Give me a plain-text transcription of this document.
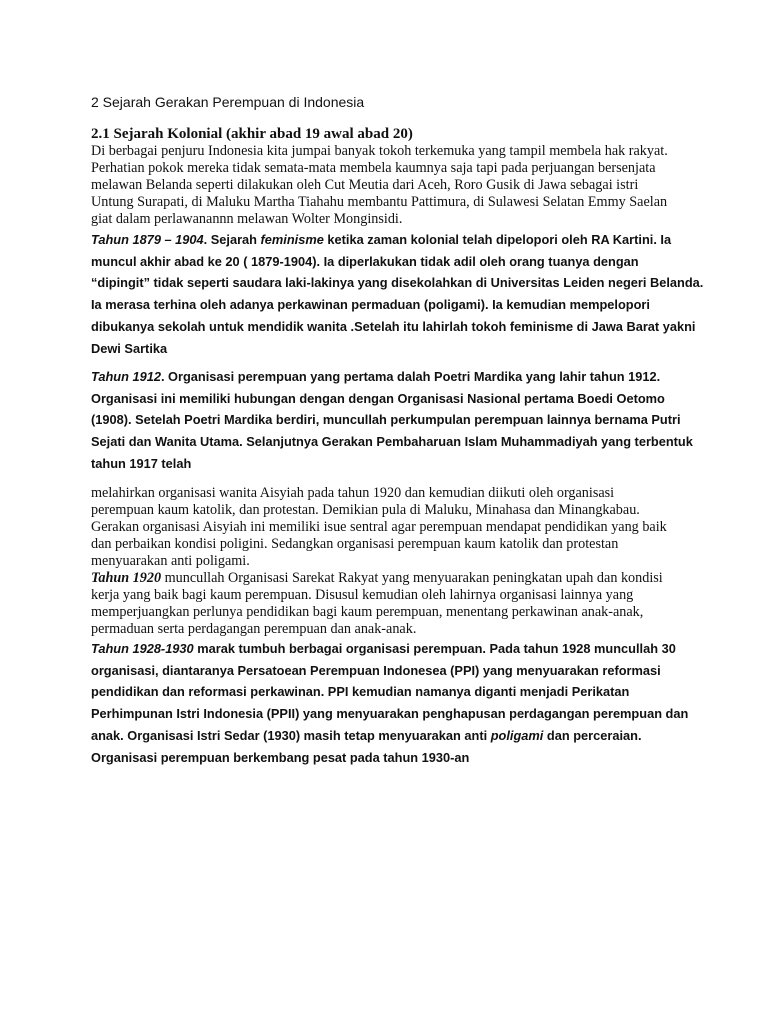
2 Sejarah Gerakan Perempuan di Indonesia
2.1 Sejarah Kolonial (akhir abad 19 awal abad 20)
Di berbagai penjuru Indonesia kita jumpai banyak tokoh terkemuka yang tampil membela hak rakyat.
Perhatian pokok mereka tidak semata-mata membela kaumnya saja tapi pada perjuangan bersenjata
melawan Belanda seperti dilakukan oleh Cut Meutia dari Aceh, Roro Gusik di Jawa sebagai istri
Untung Surapati, di Maluku Martha Tiahahu membantu Pattimura, di Sulawesi Selatan Emmy Saelan
giat dalam perlawanannn melawan Wolter Monginsidi.
Tahun 1879 – 1904. Sejarah feminisme ketika zaman kolonial telah dipelopori oleh RA Kartini. Ia
muncul akhir abad ke 20 ( 1879-1904). Ia diperlakukan tidak adil oleh orang tuanya dengan
“dipingit” tidak seperti saudara laki-lakinya yang disekolahkan di Universitas Leiden negeri Belanda.
Ia merasa terhina oleh adanya perkawinan permaduan (poligami). Ia kemudian mempelopori
dibukanya sekolah untuk mendidik wanita .Setelah itu lahirlah tokoh feminisme di Jawa Barat yakni
Dewi Sartika
Tahun 1912. Organisasi perempuan yang pertama dalah Poetri Mardika yang lahir tahun 1912.
Organisasi ini memiliki hubungan dengan dengan Organisasi Nasional pertama Boedi Oetomo
(1908). Setelah Poetri Mardika berdiri, muncullah perkumpulan perempuan lainnya bernama Putri
Sejati dan Wanita Utama. Selanjutnya Gerakan Pembaharuan Islam Muhammadiyah yang terbentuk
tahun 1917 telah
melahirkan organisasi wanita Aisyiah pada tahun 1920 dan kemudian diikuti oleh organisasi
perempuan kaum katolik, dan protestan. Demikian pula di Maluku, Minahasa dan Minangkabau.
Gerakan organisasi Aisyiah ini memiliki isue sentral agar perempuan mendapat pendidikan yang baik
dan perbaikan kondisi poligini. Sedangkan organisasi perempuan kaum katolik dan protestan
menyuarakan anti poligami.
Tahun 1920 muncullah Organisasi Sarekat Rakyat yang menyuarakan peningkatan upah dan kondisi
kerja yang baik bagi kaum perempuan. Disusul kemudian oleh lahirnya organisasi lainnya yang
memperjuangkan perlunya pendidikan bagi kaum perempuan, menentang perkawinan anak-anak,
permaduan serta perdagangan perempuan dan anak-anak.
Tahun 1928-1930 marak tumbuh berbagai organisasi perempuan. Pada tahun 1928 muncullah 30
organisasi, diantaranya Persatoean Perempuan Indonesea (PPI) yang menyuarakan reformasi
pendidikan dan reformasi perkawinan. PPI kemudian namanya diganti menjadi Perikatan
Perhimpunan Istri Indonesia (PPII) yang menyuarakan penghapusan perdagangan perempuan dan
anak. Organisasi Istri Sedar (1930) masih tetap menyuarakan anti poligami dan perceraian.
Organisasi perempuan berkembang pesat pada tahun 1930-an
